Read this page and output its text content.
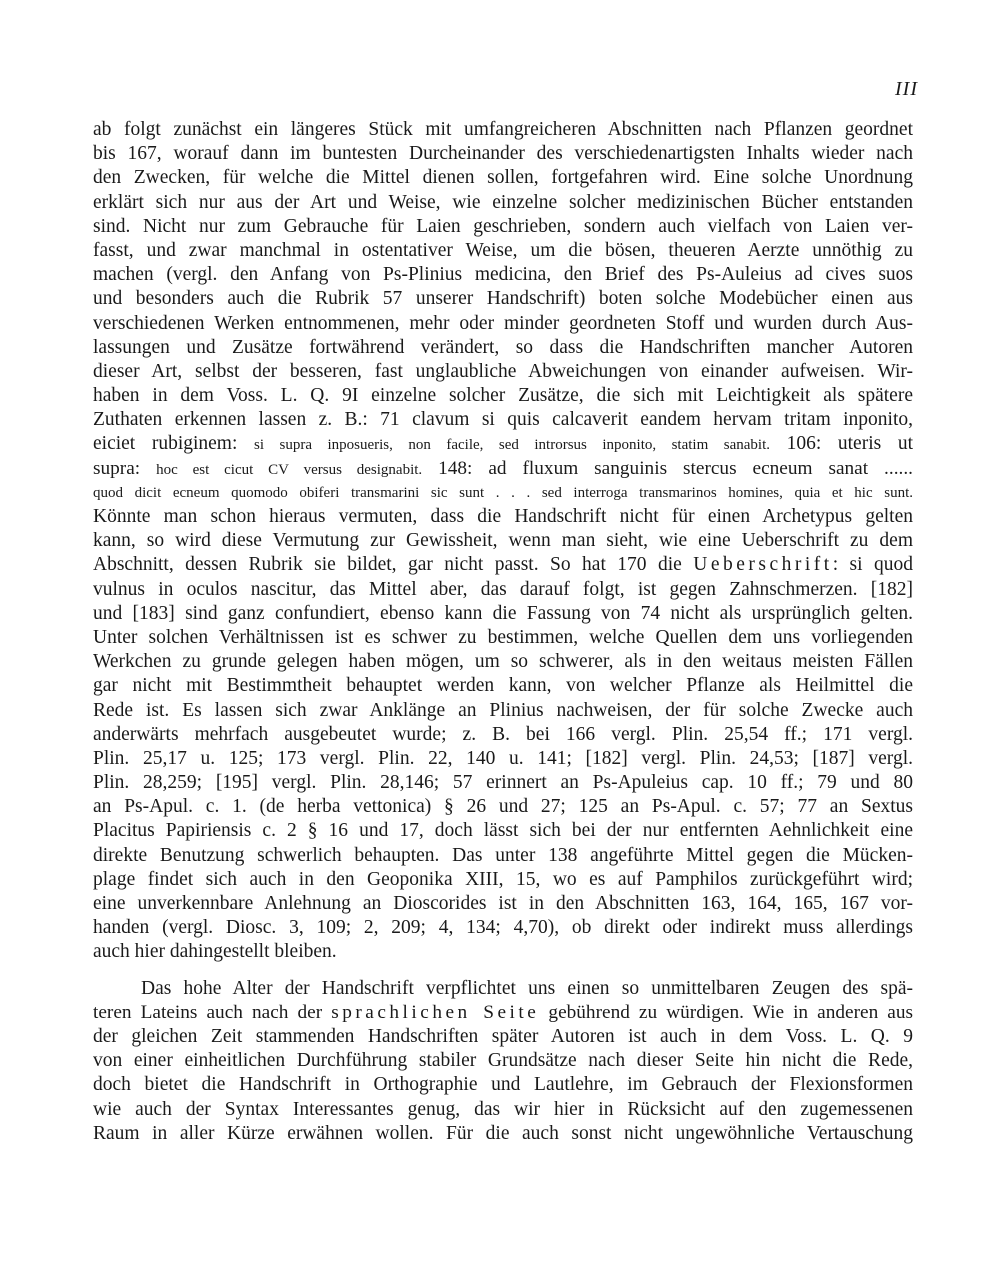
III
ab folgt zunächst ein längeres Stück mit umfangreicheren Abschnitten nach Pflanzen geordnet
bis 167, worauf dann im buntesten Durcheinander des verschiedenartigsten Inhalts wieder nach
den Zwecken, für welche die Mittel dienen sollen, fortgefahren wird. Eine solche Unordnung
erklärt sich nur aus der Art und Weise, wie einzelne solcher medizinischen Bücher entstanden
sind. Nicht nur zum Gebrauche für Laien geschrieben, sondern auch vielfach von Laien ver-
fasst, und zwar manchmal in ostentativer Weise, um die bösen, theueren Aerzte unnöthig zu
machen (vergl. den Anfang von Ps-Plinius medicina, den Brief des Ps-Auleius ad cives suos
und besonders auch die Rubrik 57 unserer Handschrift) boten solche Modebücher einen aus
verschiedenen Werken entnommenen, mehr oder minder geordneten Stoff und wurden durch Aus-
lassungen und Zusätze fortwährend verändert, so dass die Handschriften mancher Autoren
dieser Art, selbst der besseren, fast unglaubliche Abweichungen von einander aufweisen. Wir-
haben in dem Voss. L. Q. 9I einzelne solcher Zusätze, die sich mit Leichtigkeit als spätere
Zuthaten erkennen lassen z. B.: 71 clavum si quis calcaverit eandem hervam tritam inponito,
eiciet rubiginem: si supra inposueris, non facile, sed introrsus inponito, statim sanabit. 106: uteris ut
supra: hoc est cicut CV versus designabit. 148: ad fluxum sanguinis stercus ecneum sanat ......
quod dicit ecneum quomodo obiferi transmarini sic sunt . . . sed interroga transmarinos homines, quia et hic sunt.
Könnte man schon hieraus vermuten, dass die Handschrift nicht für einen Archetypus gelten
kann, so wird diese Vermutung zur Gewissheit, wenn man sieht, wie eine Ueberschrift zu dem
Abschnitt, dessen Rubrik sie bildet, gar nicht passt. So hat 170 die Ueberschrift: si quod
vulnus in oculos nascitur, das Mittel aber, das darauf folgt, ist gegen Zahnschmerzen. [182]
und [183] sind ganz confundiert, ebenso kann die Fassung von 74 nicht als ursprünglich gelten.
Unter solchen Verhältnissen ist es schwer zu bestimmen, welche Quellen dem uns vorliegenden
Werkchen zu grunde gelegen haben mögen, um so schwerer, als in den weitaus meisten Fällen
gar nicht mit Bestimmtheit behauptet werden kann, von welcher Pflanze als Heilmittel die
Rede ist. Es lassen sich zwar Anklänge an Plinius nachweisen, der für solche Zwecke auch
anderwärts mehrfach ausgebeutet wurde; z. B. bei 166 vergl. Plin. 25,54 ff.; 171 vergl.
Plin. 25,17 u. 125; 173 vergl. Plin. 22, 140 u. 141; [182] vergl. Plin. 24,53; [187] vergl.
Plin. 28,259; [195] vergl. Plin. 28,146; 57 erinnert an Ps-Apuleius cap. 10 ff.; 79 und 80
an Ps-Apul. c. 1. (de herba vettonica) § 26 und 27; 125 an Ps-Apul. c. 57; 77 an Sextus
Placitus Papiriensis c. 2 § 16 und 17, doch lässt sich bei der nur entfernten Aehnlichkeit eine
direkte Benutzung schwerlich behaupten. Das unter 138 angeführte Mittel gegen die Mücken-
plage findet sich auch in den Geoponika XIII, 15, wo es auf Pamphilos zurückgeführt wird;
eine unverkennbare Anlehnung an Dioscorides ist in den Abschnitten 163, 164, 165, 167 vor-
handen (vergl. Diosc. 3, 109; 2, 209; 4, 134; 4,70), ob direkt oder indirekt muss allerdings
auch hier dahingestellt bleiben.
Das hohe Alter der Handschrift verpflichtet uns einen so unmittelbaren Zeugen des spä-
teren Lateins auch nach der sprachlichen Seite gebührend zu würdigen. Wie in anderen aus
der gleichen Zeit stammenden Handschriften später Autoren ist auch in dem Voss. L. Q. 9
von einer einheitlichen Durchführung stabiler Grundsätze nach dieser Seite hin nicht die Rede,
doch bietet die Handschrift in Orthographie und Lautlehre, im Gebrauch der Flexionsformen
wie auch der Syntax Interessantes genug, das wir hier in Rücksicht auf den zugemessenen
Raum in aller Kürze erwähnen wollen. Für die auch sonst nicht ungewöhnliche Vertauschung
